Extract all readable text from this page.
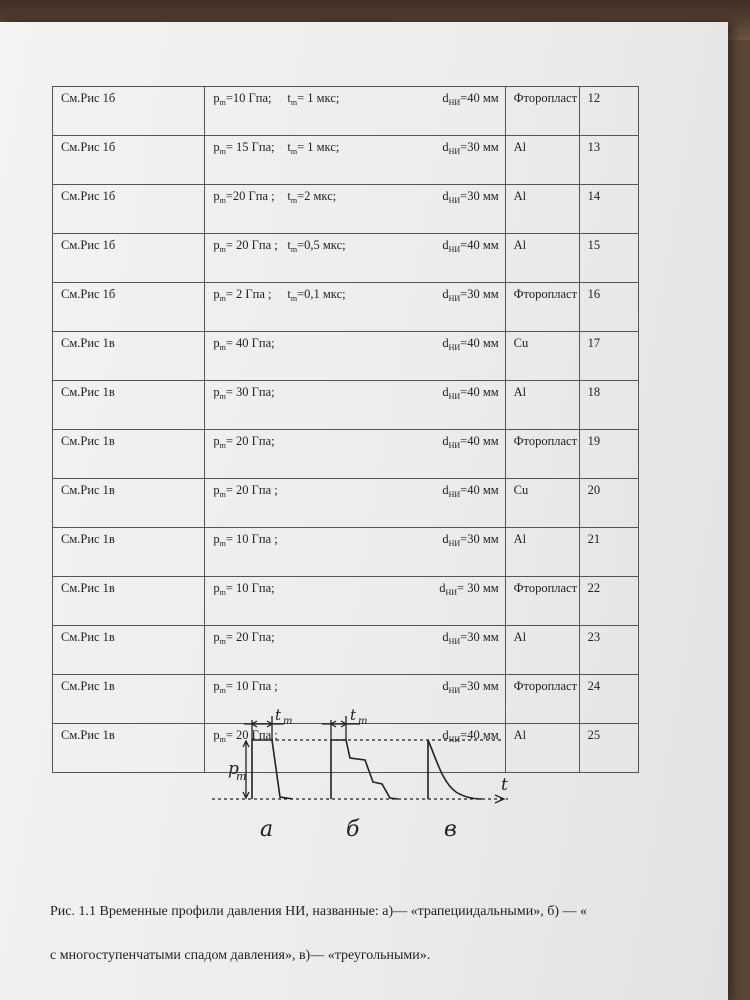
См.Рис 1б	$p_m=10$ Гпа; $t_m= 1$ мкс; $d_{НИ}=40$ мм	Фторопласт	12
См.Рис 1б	$p_m= 15$ Гпа; $t_m= 1$ мкс; $d_{НИ}=30$ мм	Al	13
См.Рис 1б	$p_m=20$ Гпа ; $t_m=2$ мкс; $d_{НИ}=30$ мм	Al	14
См.Рис 1б	$p_m= 20$ Гпа ; $t_m=0,5$ мкс; $d_{НИ}=40$ мм	Al	15
См.Рис 1б	$p_m= 2$ Гпа ; $t_m=0,1$ мкс; $d_{НИ}=30$ мм	Фторопласт	16
См.Рис 1в	$p_m= 40$ Гпа; $d_{НИ}=40$ мм	Cu	17
См.Рис 1в	$p_m= 30$ Гпа; $d_{НИ}=40$ мм	Al	18
См.Рис 1в	$p_m= 20$ Гпа; $d_{НИ}=40$ мм	Фторопласт	19
См.Рис 1в	$p_m= 20$ Гпа ; $d_{НИ}=40$ мм	Cu	20
См.Рис 1в	$p_m= 10$ Гпа ; $d_{НИ}=30$ мм	Al	21
См.Рис 1в	$p_m= 10$ Гпа; $d_{НИ}= 30$ мм	Фторопласт	22
См.Рис 1в	$p_m= 20$ Гпа; $d_{НИ}=30$ мм	Al	23
См.Рис 1в	$p_m= 10$ Гпа ; $d_{НИ}=30$ мм	Фторопласт	24
См.Рис 1в	$p_m= 20$ Гпа ; $d_{НИ}=40$ мм	Al	25
t m	t m
p
m	t
а	б	в
Рис. 1.1 Временные профили давления НИ, названные: а)— «трапециидальными», б) — «
с многоступенчатыми спадом давления», в)— «треугольными».
